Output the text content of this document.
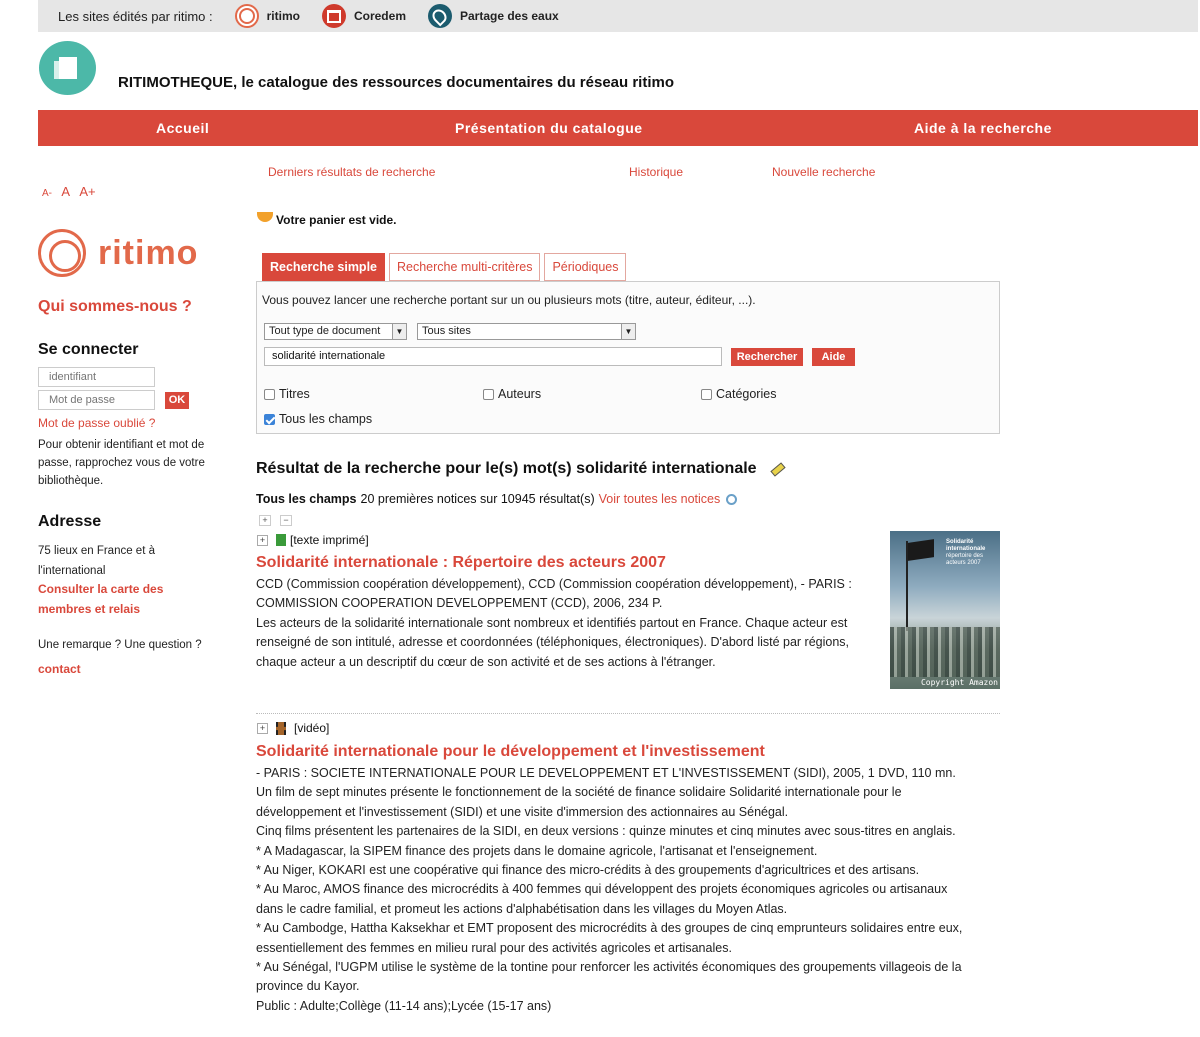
Les sites édités par ritimo :	ritimo	Coredem	Partage des eaux
RITIMOTHEQUE, le catalogue des ressources documentaires du réseau ritimo
Accueil	Présentation du catalogue	Aide à la recherche
Derniers résultats de recherche	Historique	Nouvelle recherche
A- A A+
ritimo
Qui sommes-nous ?
Se connecter
identifiant
OK
Mot de passe oublié ?
Pour obtenir identifiant et mot de passe, rapprochez vous de votre bibliothèque.
Adresse
75 lieux en France et à l'international
Consulter la carte des membres et relais
Une remarque ? Une question ?
contact
Votre panier est vide.
Recherche simple	Recherche multi-critères	Périodiques
Vous pouvez lancer une recherche portant sur un ou plusieurs mots (titre, auteur, éditeur, ...).
Tout type de document	▼	Tous sites	▼
solidarité internationale	Rechercher	Aide
Titres	Auteurs	Catégories
Tous les champs
Résultat de la recherche pour le(s) mot(s) solidarité internationale
Tous les champs 20 premières notices sur 10945 résultat(s) Voir toutes les notices
+	−
+ [texte imprimé]
Solidarité internationale : Répertoire des acteurs 2007

CCD (Commission coopération développement), CCD (Commission coopération développement), - PARIS :

COMMISSION COOPERATION DEVELOPPEMENT (CCD), 2006, 234 P.

Les acteurs de la solidarité internationale sont nombreux et identifiés partout en France. Chaque acteur est

renseigné de son intitulé, adresse et coordonnées (téléphoniques, électroniques). D'abord listé par régions,

chaque acteur a un descriptif du cœur de son activité et de ses actions à l'étranger.

Solidarité internationale
répertoire des acteurs 2007
Copyright Amazon
+ [vidéo]
Solidarité internationale pour le développement et l'investissement

- PARIS : SOCIETE INTERNATIONALE POUR LE DEVELOPPEMENT ET L'INVESTISSEMENT (SIDI), 2005, 1 DVD, 110 mn.

Un film de sept minutes présente le fonctionnement de la société de finance solidaire Solidarité internationale pour le

développement et l'investissement (SIDI) et une visite d'immersion des actionnaires au Sénégal.

Cinq films présentent les partenaires de la SIDI, en deux versions : quinze minutes et cinq minutes avec sous-titres en anglais.

* A Madagascar, la SIPEM finance des projets dans le domaine agricole, l'artisanat et l'enseignement.

* Au Niger, KOKARI est une coopérative qui finance des micro-crédits à des groupements d'agricultrices et des artisans.

* Au Maroc, AMOS finance des microcrédits à 400 femmes qui développent des projets économiques agricoles ou artisanaux

dans le cadre familial, et promeut les actions d'alphabétisation dans les villages du Moyen Atlas.

* Au Cambodge, Hattha Kaksekhar et EMT proposent des microcrédits à des groupes de cinq emprunteurs solidaires entre eux,

essentiellement des femmes en milieu rural pour des activités agricoles et artisanales.

* Au Sénégal, l'UGPM utilise le système de la tontine pour renforcer les activités économiques des groupements villageois de la

province du Kayor.

Public : Adulte;Collège (11-14 ans);Lycée (15-17 ans)
